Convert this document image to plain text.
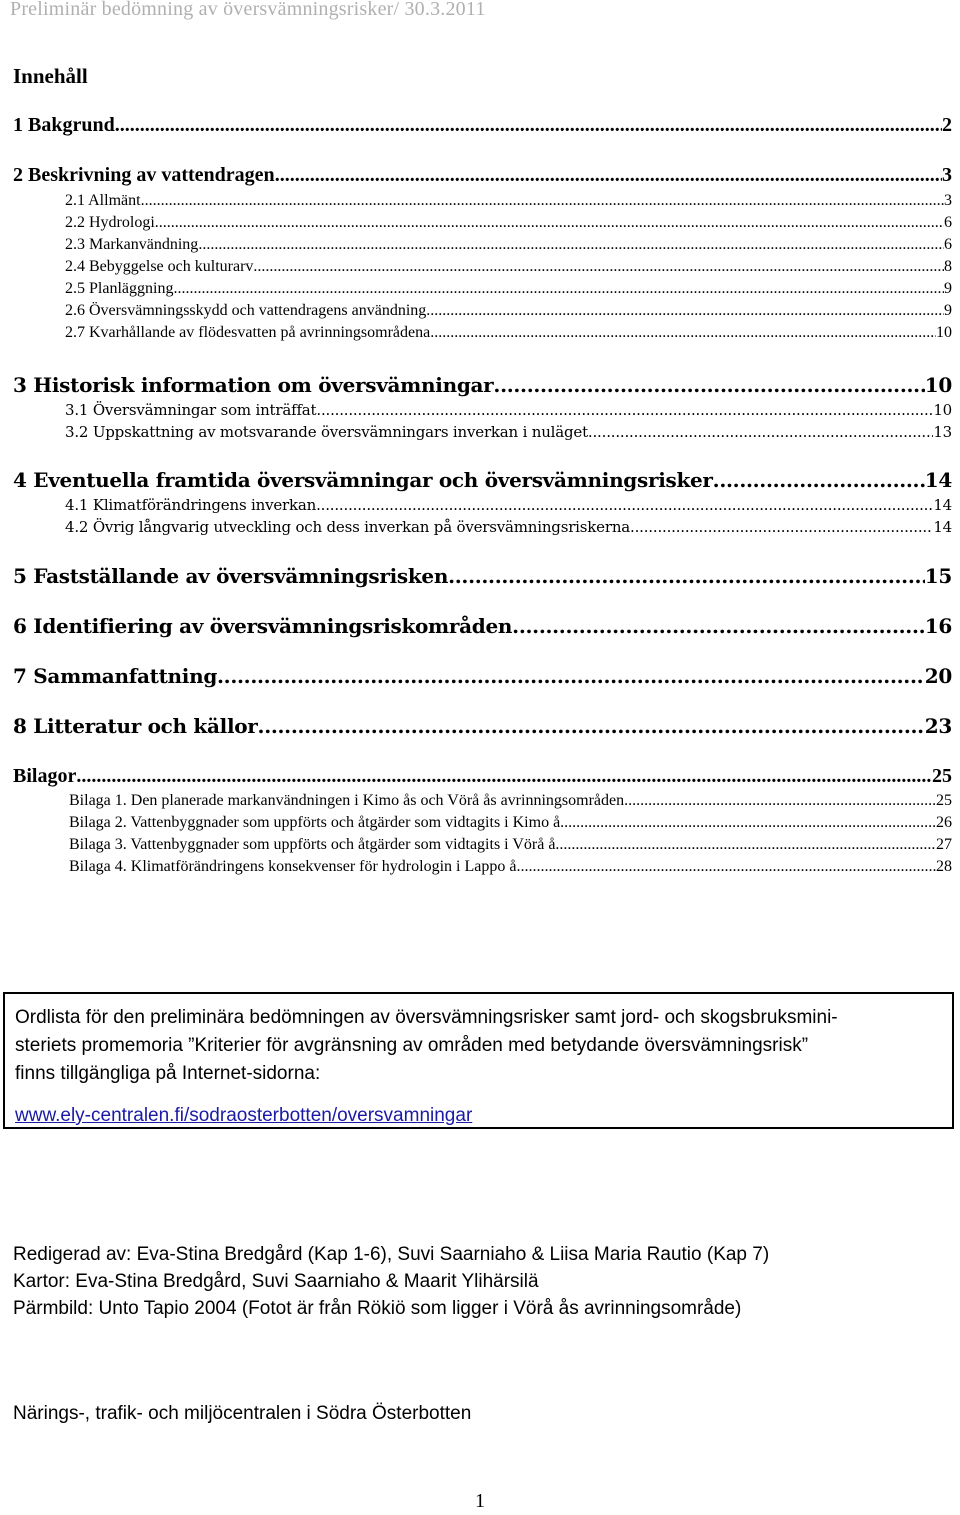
Preliminär bedömning av översvämningsrisker/ 30.3.2011
Innehåll
1 Bakgrund .....	2
2 Beskrivning av vattendragen .....	3
2.1 Allmänt .....	3
2.2 Hydrologi .....	6
2.3 Markanvändning .....	6
2.4 Bebyggelse och kulturarv .....	8
2.5 Planläggning .....	9
2.6 Översvämningsskydd och vattendragens användning .....	9
2.7 Kvarhållande av flödesvatten på avrinningsområdena .....	10
3 Historisk information om översvämningar .....	10
3.1 Översvämningar som inträffat .....	10
3.2 Uppskattning av motsvarande översvämningars inverkan i nuläget .....	13
4 Eventuella framtida översvämningar och översvämningsrisker .....	14
4.1 Klimatförändringens inverkan .....	14
4.2 Övrig långvarig utveckling och dess inverkan på översvämningsriskerna .....	14
5 Fastställande av översvämningsrisken .....	15
6 Identifiering av översvämningsriskområden .....	16
7 Sammanfattning .....	20
8 Litteratur och källor .....	23
Bilagor .....	25
Bilaga 1. Den planerade markanvändningen i Kimo ås och Vörå ås avrinningsområden .....	25
Bilaga 2. Vattenbyggnader som uppförts och åtgärder som vidtagits i Kimo å. .....	26
Bilaga 3. Vattenbyggnader som uppförts och åtgärder som vidtagits i Vörå å. .....	27
Bilaga 4. Klimatförändringens konsekvenser för hydrologin i Lappo å .....	28
Ordlista för den preliminära bedömningen av översvämningsrisker samt jord- och skogsbruksmini-
steriets promemoria ”Kriterier för avgränsning av områden med betydande översvämningsrisk”
finns tillgängliga på Internet-sidorna:
www.ely-centralen.fi/sodraosterbotten/oversvamningar
Redigerad av: Eva-Stina Bredgård (Kap 1-6), Suvi Saarniaho & Liisa Maria Rautio (Kap 7)
Kartor: Eva-Stina Bredgård, Suvi Saarniaho & Maarit Ylihärsilä
Pärmbild: Unto Tapio 2004 (Fotot är från Rökiö som ligger i Vörå ås avrinningsområde)
Närings-, trafik- och miljöcentralen i Södra Österbotten
1
